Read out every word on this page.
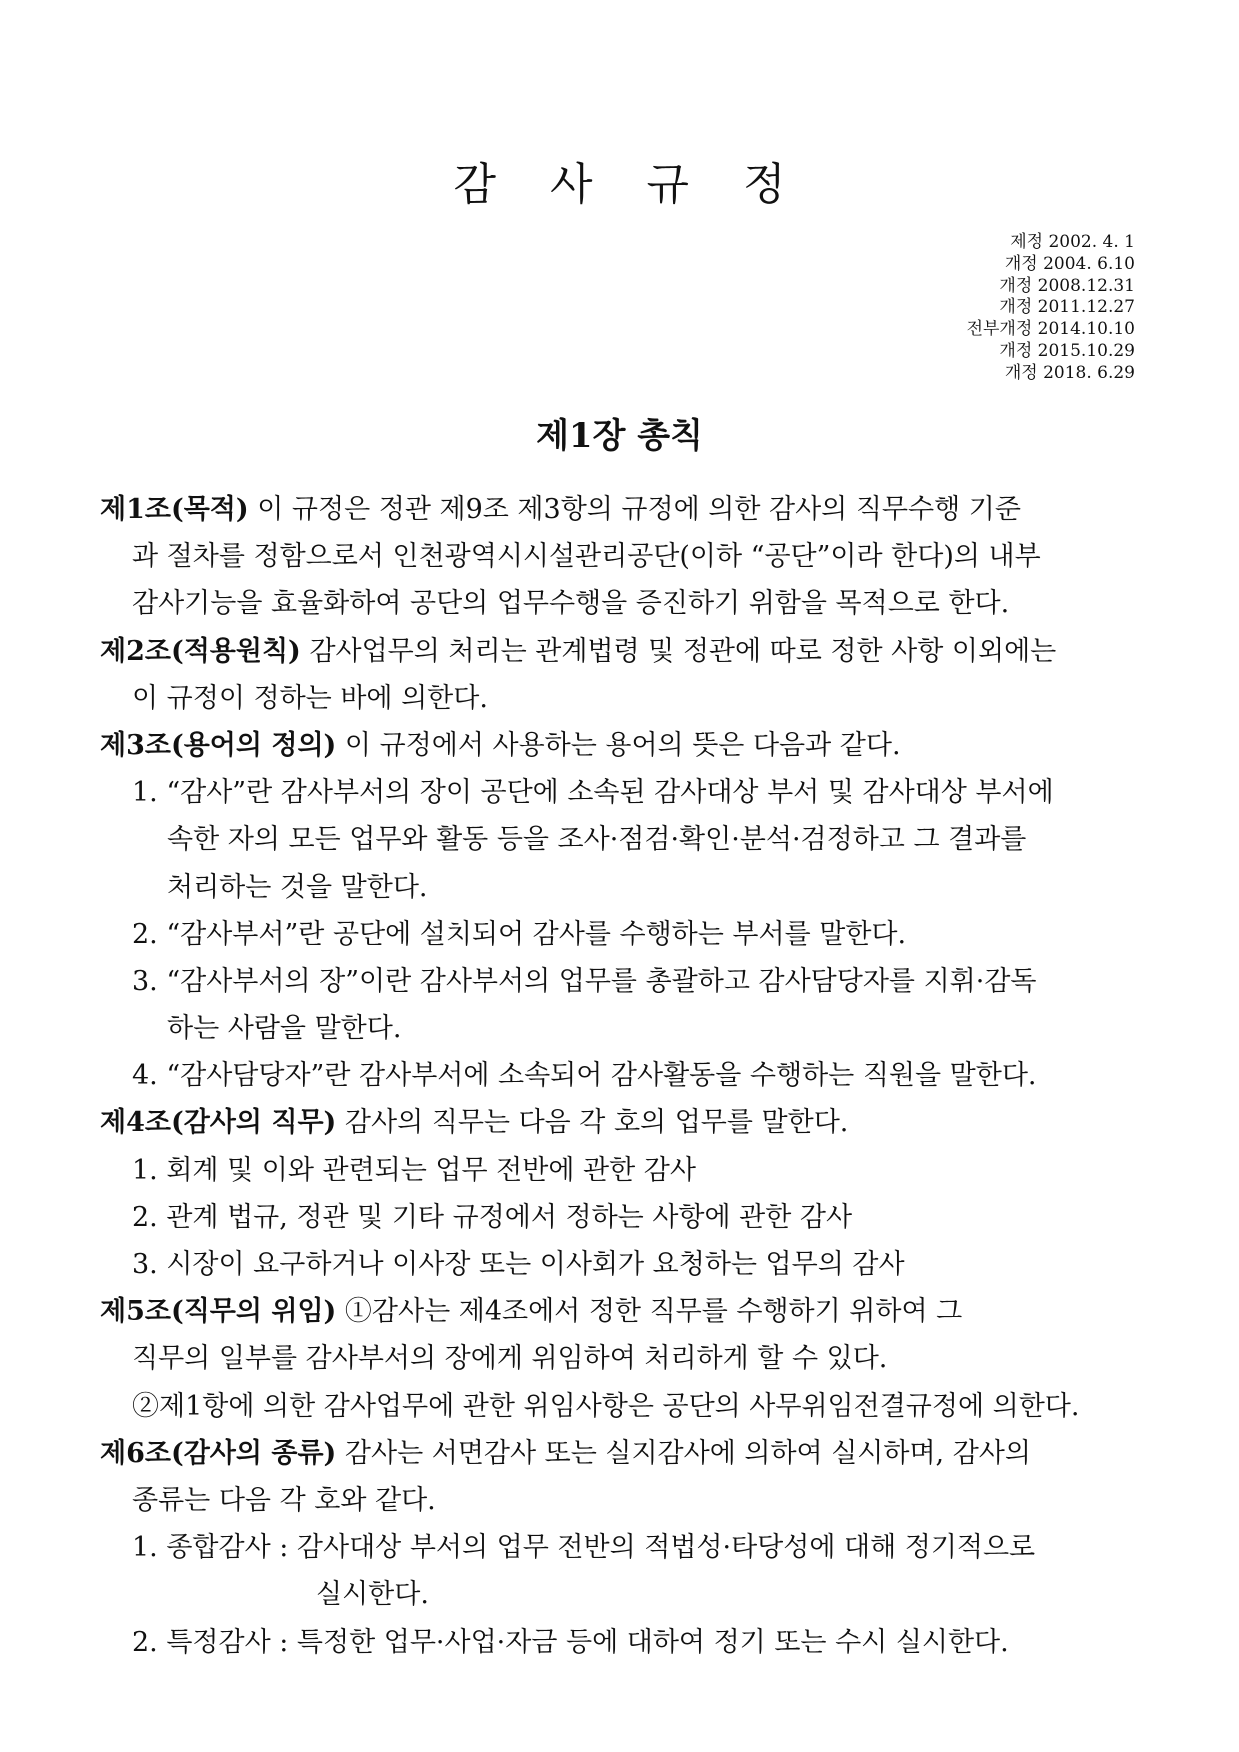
감 사 규 정
제정 2002. 4. 1
개정 2004. 6.10
개정 2008.12.31
개정 2011.12.27
전부개정 2014.10.10
개정 2015.10.29
개정 2018. 6.29
제1장 총칙
제1조(목적) 이 규정은 정관 제9조 제3항의 규정에 의한 감사의 직무수행 기준
과 절차를 정함으로서 인천광역시시설관리공단(이하 “공단”이라 한다)의 내부
감사기능을 효율화하여 공단의 업무수행을 증진하기 위함을 목적으로 한다.
제2조(적용원칙) 감사업무의 처리는 관계법령 및 정관에 따로 정한 사항 이외에는
이 규정이 정하는 바에 의한다.
제3조(용어의 정의) 이 규정에서 사용하는 용어의 뜻은 다음과 같다.
1. “감사”란 감사부서의 장이 공단에 소속된 감사대상 부서 및 감사대상 부서에
속한 자의 모든 업무와 활동 등을 조사·점검·확인·분석·검정하고 그 결과를
처리하는 것을 말한다.
2. “감사부서”란 공단에 설치되어 감사를 수행하는 부서를 말한다.
3. “감사부서의 장”이란 감사부서의 업무를 총괄하고 감사담당자를 지휘·감독
하는 사람을 말한다.
4. “감사담당자”란 감사부서에 소속되어 감사활동을 수행하는 직원을 말한다.
제4조(감사의 직무) 감사의 직무는 다음 각 호의 업무를 말한다.
1. 회계 및 이와 관련되는 업무 전반에 관한 감사
2. 관계 법규, 정관 및 기타 규정에서 정하는 사항에 관한 감사
3. 시장이 요구하거나 이사장 또는 이사회가 요청하는 업무의 감사
제5조(직무의 위임) ①감사는 제4조에서 정한 직무를 수행하기 위하여 그
직무의 일부를 감사부서의 장에게 위임하여 처리하게 할 수 있다.
②제1항에 의한 감사업무에 관한 위임사항은 공단의 사무위임전결규정에 의한다.
제6조(감사의 종류) 감사는 서면감사 또는 실지감사에 의하여 실시하며, 감사의
종류는 다음 각 호와 같다.
1. 종합감사 : 감사대상 부서의 업무 전반의 적법성·타당성에 대해 정기적으로
실시한다.
2. 특정감사 : 특정한 업무·사업·자금 등에 대하여 정기 또는 수시 실시한다.
